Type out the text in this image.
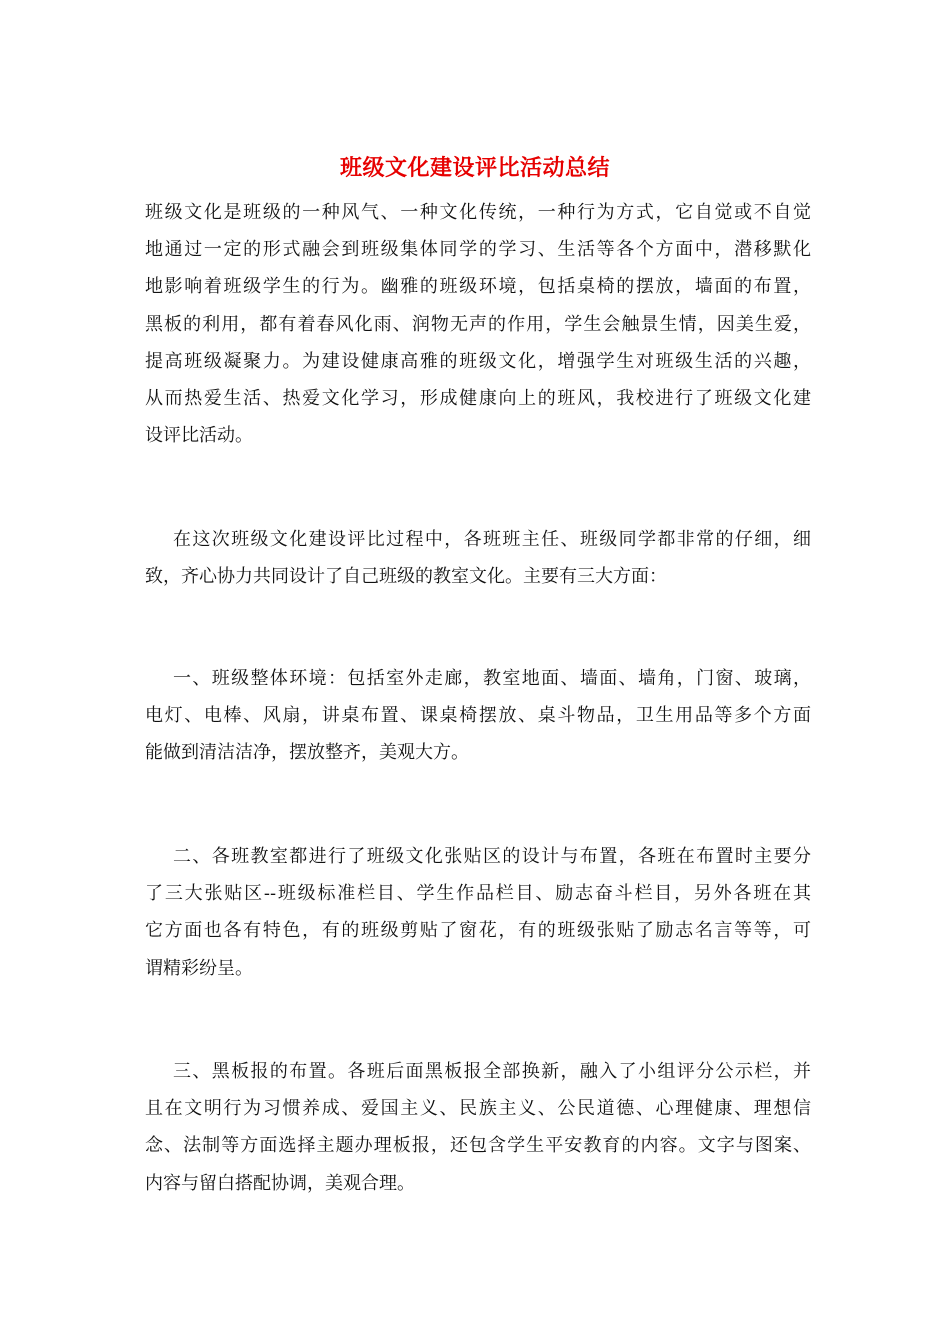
班级文化建设评比活动总结
班级文化是班级的一种风气、一种文化传统，一种行为方式，它自觉或不自觉
地通过一定的形式融会到班级集体同学的学习、生活等各个方面中，潜移默化
地影响着班级学生的行为。幽雅的班级环境，包括桌椅的摆放，墙面的布置，
黑板的利用，都有着春风化雨、润物无声的作用，学生会触景生情，因美生爱，
提高班级凝聚力。为建设健康高雅的班级文化，增强学生对班级生活的兴趣，
从而热爱生活、热爱文化学习，形成健康向上的班风，我校进行了班级文化建
设评比活动。
在这次班级文化建设评比过程中，各班班主任、班级同学都非常的仔细，细
致，齐心协力共同设计了自己班级的教室文化。主要有三大方面：
一、班级整体环境：包括室外走廊，教室地面、墙面、墙角，门窗、玻璃，
电灯、电棒、风扇，讲桌布置、课桌椅摆放、桌斗物品，卫生用品等多个方面
能做到清洁洁净，摆放整齐，美观大方。
二、各班教室都进行了班级文化张贴区的设计与布置，各班在布置时主要分
了三大张贴区--班级标准栏目、学生作品栏目、励志奋斗栏目，另外各班在其
它方面也各有特色，有的班级剪贴了窗花，有的班级张贴了励志名言等等，可
谓精彩纷呈。
三、黑板报的布置。各班后面黑板报全部换新，融入了小组评分公示栏，并
且在文明行为习惯养成、爱国主义、民族主义、公民道德、心理健康、理想信
念、法制等方面选择主题办理板报，还包含学生平安教育的内容。文字与图案、
内容与留白搭配协调，美观合理。
